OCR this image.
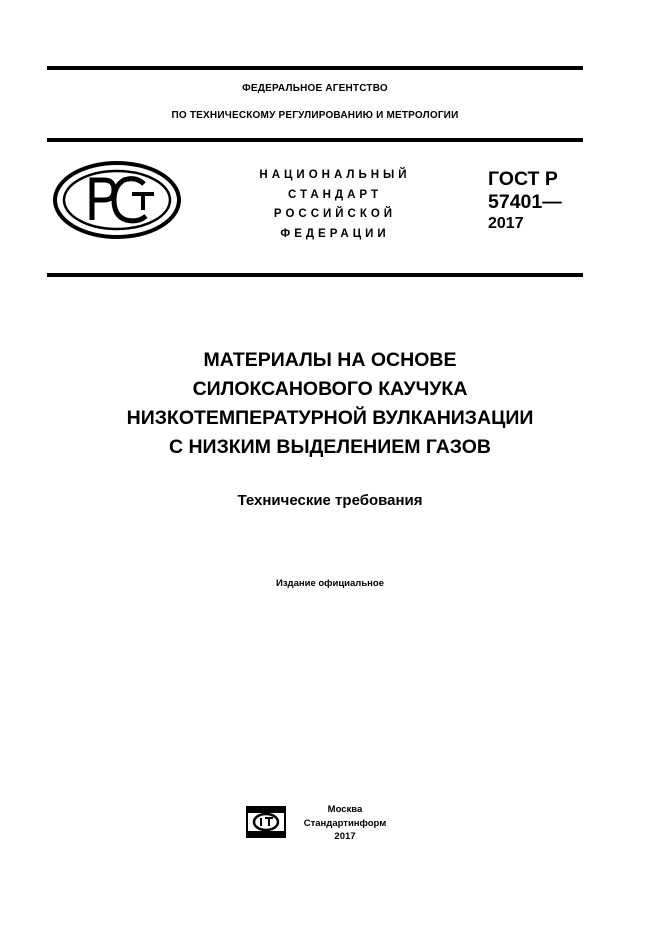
ФЕДЕРАЛЬНОЕ АГЕНТСТВО
ПО ТЕХНИЧЕСКОМУ РЕГУЛИРОВАНИЮ И МЕТРОЛОГИИ
НАЦИОНАЛЬНЫЙ
СТАНДАРТ
РОССИЙСКОЙ
ФЕДЕРАЦИИ
ГОСТ Р
57401—
2017
МАТЕРИАЛЫ НА ОСНОВЕ
СИЛОКСАНОВОГО КАУЧУКА
НИЗКОТЕМПЕРАТУРНОЙ ВУЛКАНИЗАЦИИ
С НИЗКИМ ВЫДЕЛЕНИЕМ ГАЗОВ
Технические требования
Издание официальное
Москва
Стандартинформ
2017
